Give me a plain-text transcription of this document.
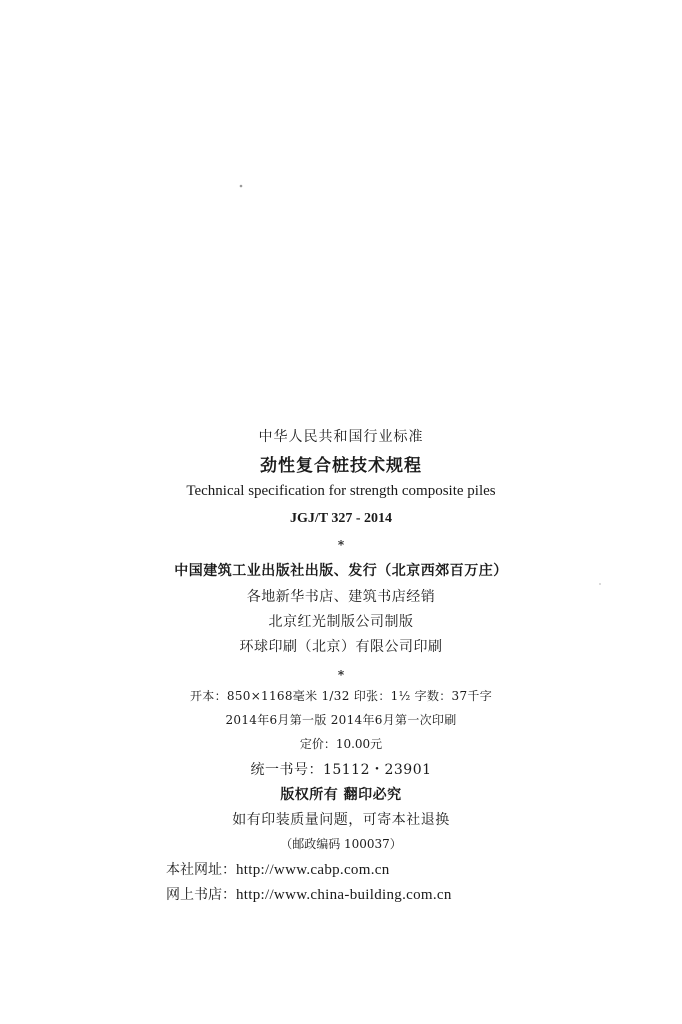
中华人民共和国行业标准
劲性复合桩技术规程
Technical specification for strength composite piles
JGJ/T 327 - 2014
*
中国建筑工业出版社出版、发行（北京西郊百万庄）
各地新华书店、建筑书店经销
北京红光制版公司制版
环球印刷（北京）有限公司印刷
*
开本：850×1168毫米 1/32 印张：1½ 字数：37千字
2014年6月第一版 2014年6月第一次印刷
定价：10.00元
统一书号：15112・23901
版权所有 翻印必究
如有印装质量问题，可寄本社退换
（邮政编码 100037）
本社网址：http://www.cabp.com.cn
网上书店：http://www.china-building.com.cn
